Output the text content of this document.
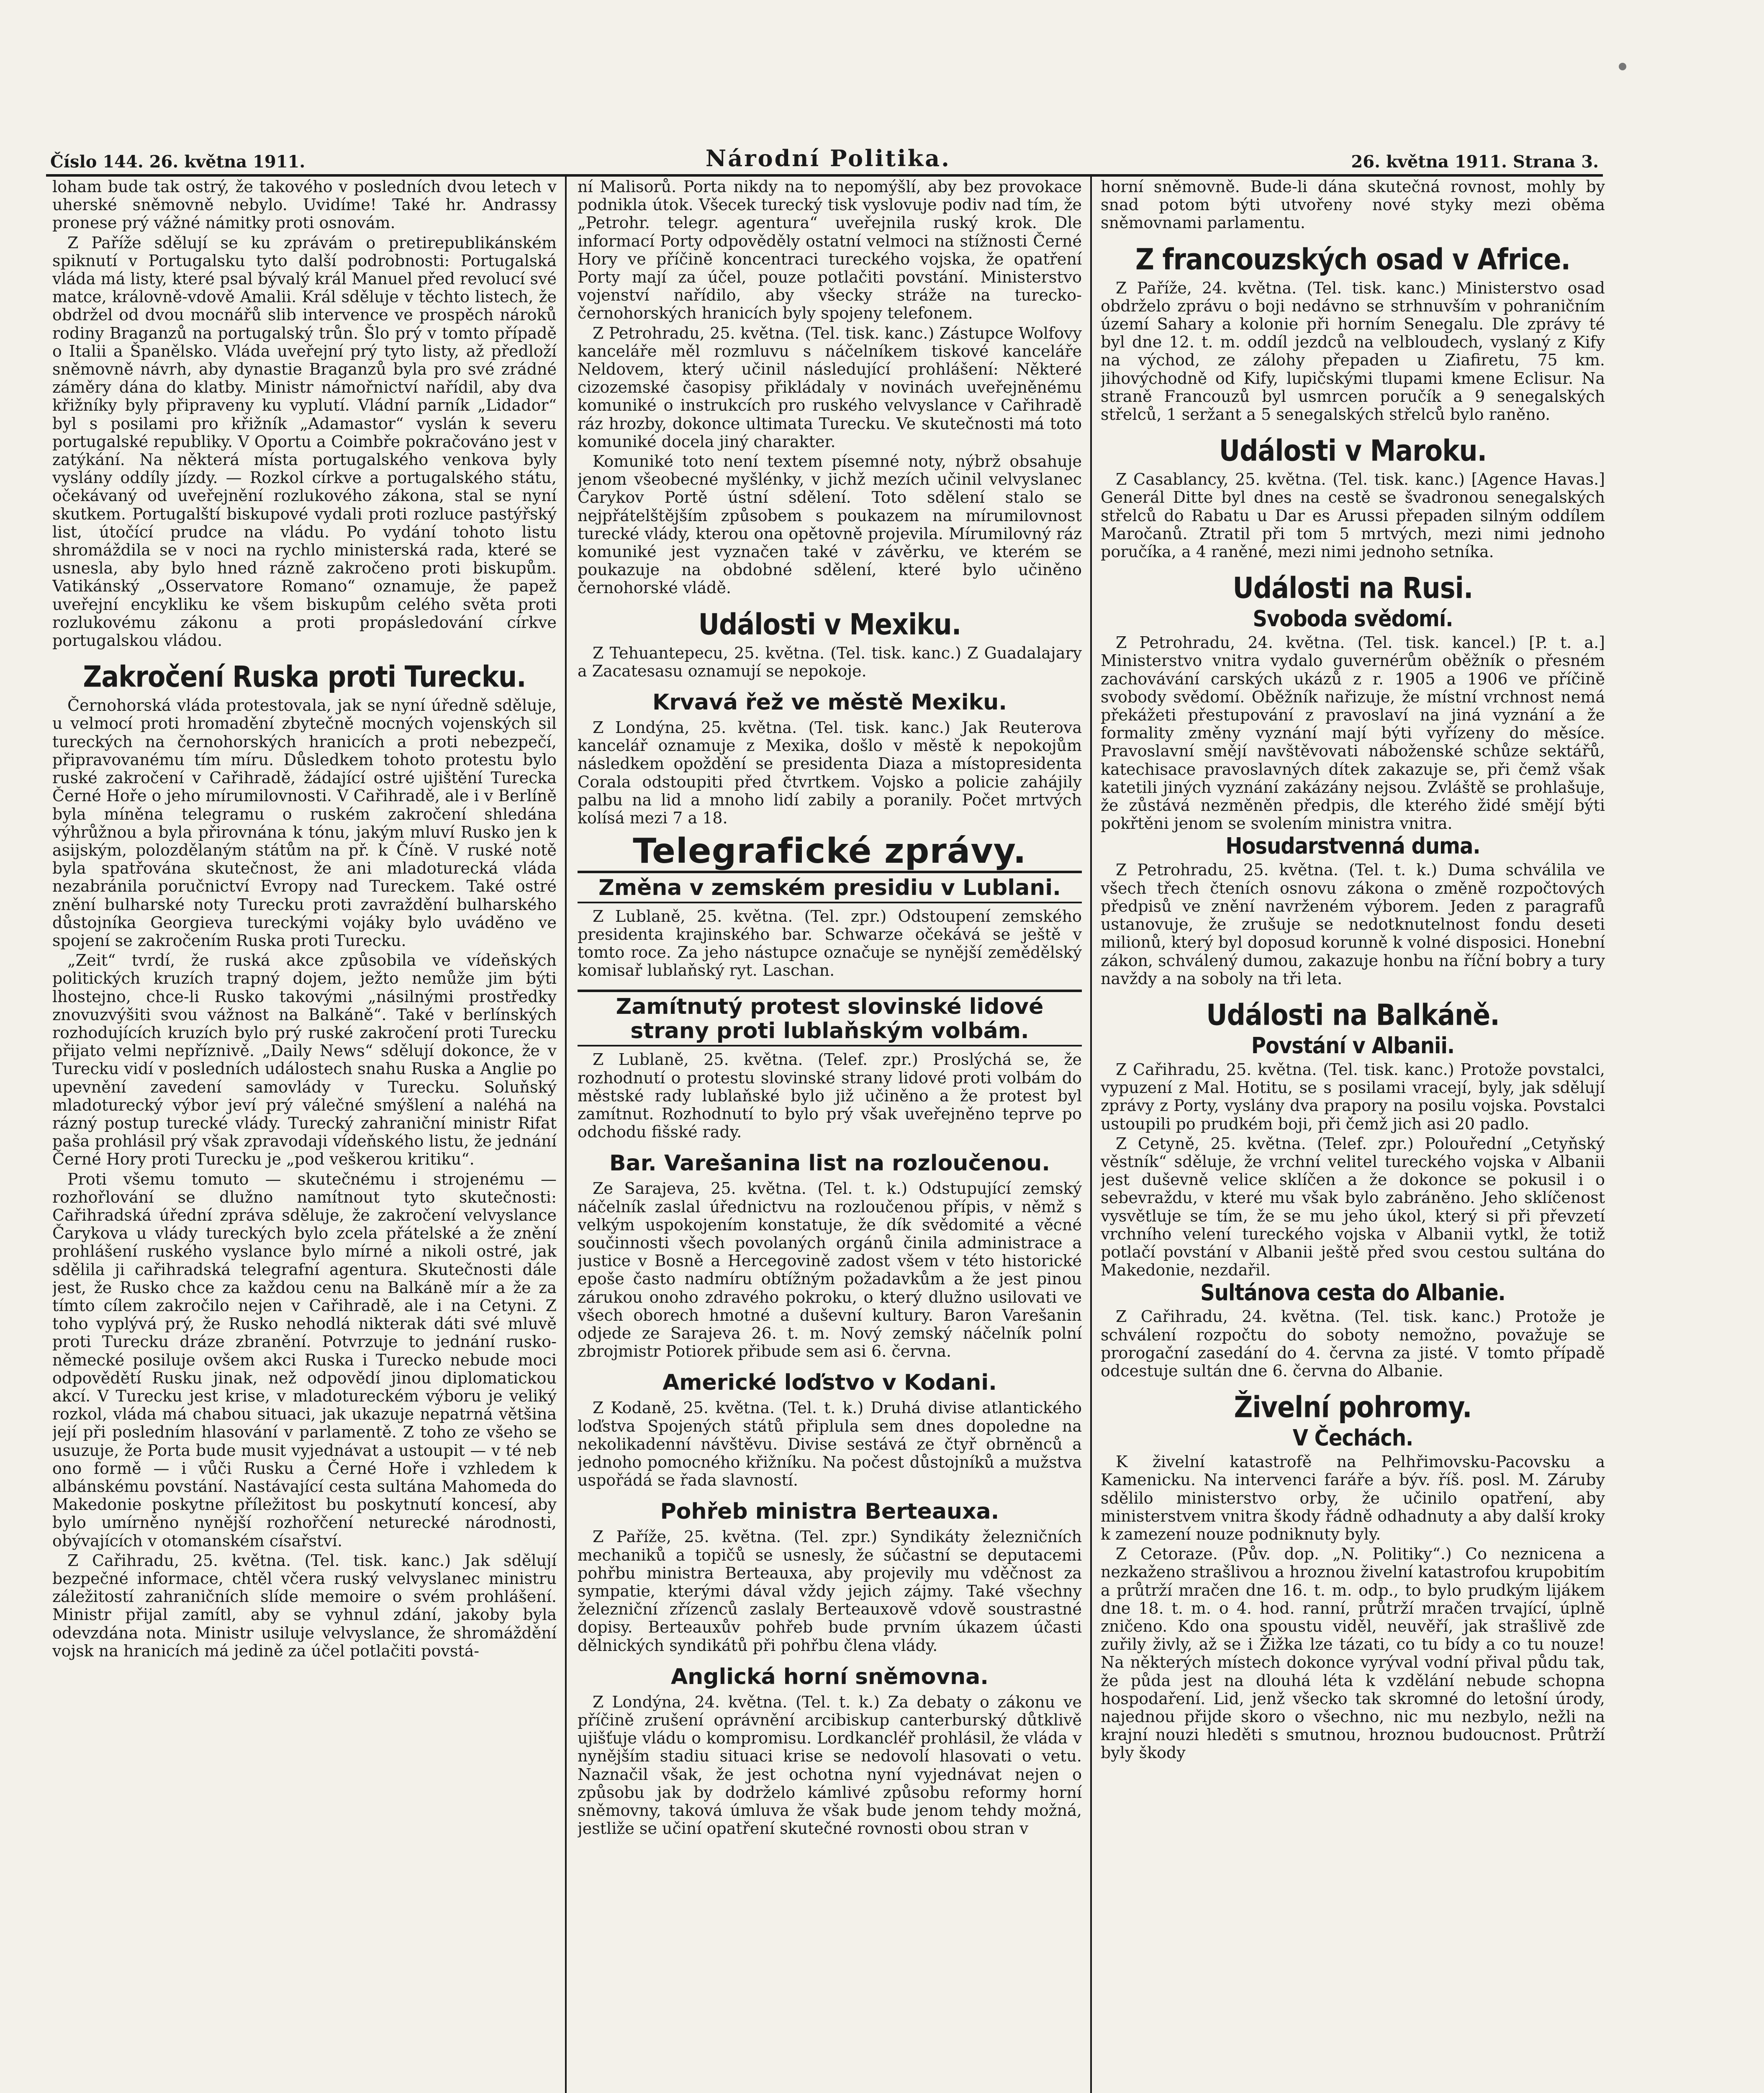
Číslo 144. 26. května 1911.	Národní Politika.	26. května 1911. Strana 3.

loham bude tak ostrý, že takového v posledních dvou letech v uherské sněmovně nebylo. Uvidíme! Také hr. Andrassy pronese prý vážné námitky proti osnovám.

Z Paříže sdělují se ku zprávám o pretirepublikánském spiknutí v Portugalsku tyto další podrobnosti: Portugalská vláda má listy, které psal bývalý král Manuel před revolucí své matce, královně-vdově Amalii. Král sděluje v těchto listech, že obdržel od dvou mocnářů slib intervence ve prospěch nároků rodiny Braganzů na portugalský trůn. Šlo prý v tomto případě o Italii a Španělsko. Vláda uveřejní prý tyto listy, až předloží sněmovně návrh, aby dynastie Braganzů byla pro své zrádné záměry dána do klatby. Ministr námořnictví nařídil, aby dva křižníky byly připraveny ku vyplutí. Vládní parník „Lidador“ byl s posilami pro křižník „Adamastor“ vyslán k severu portugalské republiky. V Oportu a Coimbře pokračováno jest v zatýkání. Na některá místa portugalského venkova byly vyslány oddíly jízdy. — Rozkol církve a portugalského státu, očekávaný od uveřejnění rozlukového zákona, stal se nyní skutkem. Portugalští biskupové vydali proti rozluce pastýřský list, útočící prudce na vládu. Po vydání tohoto listu shromáždila se v noci na rychlo ministerská rada, které se usnesla, aby bylo hned rázně zakročeno proti biskupům. Vatikánský „Osservatore Romano“ oznamuje, že papež uveřejní encykliku ke všem biskupům celého světa proti rozlukovému zákonu a proti propásledování církve portugalskou vládou.

Zakročení Ruska proti Turecku.

Černohorská vláda protestovala, jak se nyní úředně sděluje, u velmocí proti hromadění zbytečně mocných vojenských sil tureckých na černohorských hranicích a proti nebezpečí, připravovanému tím míru. Důsledkem tohoto protestu bylo ruské zakročení v Cařihradě, žádající ostré ujištění Turecka Černé Hoře o jeho mírumilovnosti. V Cařihradě, ale i v Berlíně byla míněna telegramu o ruském zakročení shledána výhrůžnou a byla přirovnána k tónu, jakým mluví Rusko jen k asijským, polozdělaným státům na př. k Číně. V ruské notě byla spatřována skutečnost, že ani mladoturecká vláda nezabránila poručnictví Evropy nad Tureckem. Také ostré znění bulharské noty Turecku proti zavraždění bulharského důstojníka Georgieva tureckými vojáky bylo uváděno ve spojení se zakročením Ruska proti Turecku.

„Zeit“ tvrdí, že ruská akce způsobila ve vídeňských politických kruzích trapný dojem, ježto nemůže jim býti lhostejno, chce-li Rusko takovými „násilnými prostředky znovuzvýšiti svou vážnost na Balkáně“. Také v berlínských rozhodujících kruzích bylo prý ruské zakročení proti Turecku přijato velmi nepříznivě. „Daily News“ sdělují dokonce, že v Turecku vidí v posledních událostech snahu Ruska a Anglie po upevnění zavedení samovlády v Turecku. Soluňský mladoturecký výbor jeví prý válečné smýšlení a naléhá na rázný postup turecké vlády. Turecký zahraniční ministr Rifat paša prohlásil prý však zpravodaji vídeňského listu, že jednání Černé Hory proti Turecku je „pod veškerou kritiku“.

Proti všemu tomuto — skutečnému i strojenému — rozhořlování se dlužno namítnout tyto skutečnosti: Cařihradská úřední zpráva sděluje, že zakročení velvyslance Čarykova u vlády tureckých bylo zcela přátelské a že znění prohlášení ruského vyslance bylo mírné a nikoli ostré, jak sdělila ji cařihradská telegrafní agentura. Skutečnosti dále jest, že Rusko chce za každou cenu na Balkáně mír a že za tímto cílem zakročilo nejen v Cařihradě, ale i na Cetyni. Z toho vyplývá prý, že Rusko nehodlá nikterak dáti své mluvě proti Turecku dráze zbranění. Potvrzuje to jednání rusko-německé posiluje ovšem akci Ruska i Turecko nebude moci odpovědětí Rusku jinak, než odpovědí jinou diplomatickou akcí. V Turecku jest krise, v mladotureckém výboru je veliký rozkol, vláda má chabou situaci, jak ukazuje nepatrná většina její při posledním hlasování v parlamentě. Z toho ze všeho se usuzuje, že Porta bude musit vyjednávat a ustoupit — v té neb ono formě — i vůči Rusku a Černé Hoře i vzhledem k albánskému povstání. Nastávající cesta sultána Mahomeda do Makedonie poskytne příležitost bu poskytnutí koncesí, aby bylo umírněno nynější rozhořčení neturecké národnosti, obývajících v otomanském císařství.

Z Cařihradu, 25. května. (Tel. tisk. kanc.) Jak sdělují bezpečné informace, chtěl včera ruský velvyslanec ministru záležitostí zahraničních slíde memoire o svém prohlášení. Ministr přijal zamítl, aby se vyhnul zdání, jakoby byla odevzdána nota. Ministr usiluje velvyslance, že shromáždění vojsk na hranicích má jedině za účel potlačiti povstá-

ní Malisorů. Porta nikdy na to nepomýšlí, aby bez provokace podnikla útok. Všecek turecký tisk vyslovuje podiv nad tím, že „Petrohr. telegr. agentura“ uveřejnila ruský krok. Dle informací Porty odpověděly ostatní velmoci na stížnosti Černé Hory ve příčině koncentraci tureckého vojska, že opatření Porty mají za účel, pouze potlačiti povstání. Ministerstvo vojenství nařídilo, aby všecky stráže na turecko-černohorských hranicích byly spojeny telefonem.

Z Petrohradu, 25. května. (Tel. tisk. kanc.) Zástupce Wolfovy kanceláře měl rozmluvu s náčelníkem tiskové kanceláře Neldovem, který učinil následující prohlášení: Některé cizozemské časopisy přikládaly v novinách uveřejněnému komuniké o instrukcích pro ruského velvyslance v Cařihradě ráz hrozby, dokonce ultimata Turecku. Ve skutečnosti má toto komuniké docela jiný charakter.

Komuniké toto není textem písemné noty, nýbrž obsahuje jenom všeobecné myšlénky, v jichž mezích učinil velvyslanec Čarykov Portě ústní sdělení. Toto sdělení stalo se nejpřátelštějším způsobem s poukazem na mírumilovnost turecké vlády, kterou ona opětovně projevila. Mírumilovný ráz komuniké jest vyznačen také v závěrku, ve kterém se poukazuje na obdobné sdělení, které bylo učiněno černohorské vládě.

Události v Mexiku.

Z Tehuantepecu, 25. května. (Tel. tisk. kanc.) Z Guadalajary a Zacatesasu oznamují se nepokoje.

Krvavá řež ve městě Mexiku.

Z Londýna, 25. května. (Tel. tisk. kanc.) Jak Reuterova kancelář oznamuje z Mexika, došlo v městě k nepokojům následkem opoždění se presidenta Diaza a místopresidenta Corala odstoupiti před čtvrtkem. Vojsko a policie zahájily palbu na lid a mnoho lidí zabily a poranily. Počet mrtvých kolísá mezi 7 a 18.

Telegrafické zprávy.
Změna v zemském presidiu v Lublani.

Z Lublaně, 25. května. (Tel. zpr.) Odstoupení zemského presidenta krajinského bar. Schwarze očekává se ještě v tomto roce. Za jeho nástupce označuje se nynější zemědělský komisař lublaňský ryt. Laschan.

Zamítnutý protest slovinské lidové strany proti lublaňským volbám.

Z Lublaně, 25. května. (Telef. zpr.) Proslýchá se, že rozhodnutí o protestu slovinské strany lidové proti volbám do městské rady lublaňské bylo již učiněno a že protest byl zamítnut. Rozhodnutí to bylo prý však uveřejněno teprve po odchodu fišské rady.

Bar. Varešanina list na rozloučenou.

Ze Sarajeva, 25. května. (Tel. t. k.) Odstupující zemský náčelník zaslal úřednictvu na rozloučenou přípis, v němž s velkým uspokojením konstatuje, že dík svědomité a věcné součinnosti všech povolaných orgánů činila administrace a justice v Bosně a Hercegovině zadost všem v této historické epoše často nadmíru obtížným požadavkům a že jest pinou zárukou onoho zdravého pokroku, o který dlužno usilovati ve všech oborech hmotné a duševní kultury. Baron Varešanin odjede ze Sarajeva 26. t. m. Nový zemský náčelník polní zbrojmistr Potiorek přibude sem asi 6. června.

Americké loďstvo v Kodani.

Z Kodaně, 25. května. (Tel. t. k.) Druhá divise atlantického loďstva Spojených států připlula sem dnes dopoledne na nekolikadenní návštěvu. Divise sestává ze čtyř obrněnců a jednoho pomocného křižníku. Na počest důstojníků a mužstva uspořádá se řada slavností.

Pohřeb ministra Berteauxa.

Z Paříže, 25. května. (Tel. zpr.) Syndikáty železničních mechaniků a topičů se usnesly, že súčastní se deputacemi pohřbu ministra Berteauxa, aby projevily mu vděčnost za sympatie, kterými dával vždy jejich zájmy. Také všechny železniční zřízenců zaslaly Berteauxově vdově soustrastné dopisy. Berteauxův pohřeb bude prvním úkazem účasti dělnických syndikátů při pohřbu člena vlády.

Anglická horní sněmovna.

Z Londýna, 24. května. (Tel. t. k.) Za debaty o zákonu ve příčině zrušení oprávnění arcibiskup canterburský důtklivě ujišťuje vládu o kompromisu. Lordkancléř prohlásil, že vláda v nynějším stadiu situaci krise se nedovolí hlasovati o vetu. Naznačil však, že jest ochotna nyní vyjednávat nejen o způsobu jak by dodrželo kámlivé způsobu reformy horní sněmovny, taková úmluva že však bude jenom tehdy možná, jestliže se učiní opatření skutečné rovnosti obou stran v

horní sněmovně. Bude-li dána skutečná rovnost, mohly by snad potom býti utvořeny nové styky mezi oběma sněmovnami parlamentu.

Z francouzských osad v Africe.

Z Paříže, 24. května. (Tel. tisk. kanc.) Ministerstvo osad obdrželo zprávu o boji nedávno se strhnuvším v pohraničním území Sahary a kolonie při horním Senegalu. Dle zprávy té byl dne 12. t. m. oddíl jezdců na velbloudech, vyslaný z Kify na východ, ze zálohy přepaden u Ziafiretu, 75 km. jihovýchodně od Kify, lupičskými tlupami kmene Eclisur. Na straně Francouzů byl usmrcen poručík a 9 senegalských střelců, 1 seržant a 5 senegalských střelců bylo raněno.

Události v Maroku.

Z Casablancy, 25. května. (Tel. tisk. kanc.) [Agence Havas.] Generál Ditte byl dnes na cestě se švadronou senegalských střelců do Rabatu u Dar es Arussi přepaden silným oddílem Maročanů. Ztratil při tom 5 mrtvých, mezi nimi jednoho poručíka, a 4 raněné, mezi nimi jednoho setníka.

Události na Rusi.
Svoboda svědomí.

Z Petrohradu, 24. května. (Tel. tisk. kancel.) [P. t. a.] Ministerstvo vnitra vydalo guvernérům oběžník o přesném zachovávání carských ukázů z r. 1905 a 1906 ve příčině svobody svědomí. Oběžník nařizuje, že místní vrchnost nemá překážeti přestupování z pravoslaví na jiná vyznání a že formality změny vyznání mají býti vyřízeny do měsíce. Pravoslavní smějí navštěvovati náboženské schůze sektářů, katechisace pravoslavných dítek zakazuje se, při čemž však katetili jiných vyznání zakázány nejsou. Zvláště se prohlašuje, že zůstává nezměněn předpis, dle kterého židé smějí býti pokřtěni jenom se svolením ministra vnitra.

Hosudarstvenná duma.

Z Petrohradu, 25. května. (Tel. t. k.) Duma schválila ve všech třech čteních osnovu zákona o změně rozpočtových předpisů ve znění navrženém výborem. Jeden z paragrafů ustanovuje, že zrušuje se nedotknutelnost fondu deseti milionů, který byl doposud korunně k volné disposici. Honební zákon, schválený dumou, zakazuje honbu na říční bobry a tury navždy a na soboly na tři leta.

Události na Balkáně.
Povstání v Albanii.

Z Cařihradu, 25. května. (Tel. tisk. kanc.) Protože povstalci, vypuzení z Mal. Hotitu, se s posilami vracejí, byly, jak sdělují zprávy z Porty, vyslány dva prapory na posilu vojska. Povstalci ustoupili po prudkém boji, při čemž jich asi 20 padlo.

Z Cetyně, 25. května. (Telef. zpr.) Polouřední „Cetyňský věstník“ sděluje, že vrchní velitel tureckého vojska v Albanii jest duševně velice sklíčen a že dokonce se pokusil i o sebevraždu, v které mu však bylo zabráněno. Jeho sklíčenost vysvětluje se tím, že se mu jeho úkol, který si při převzetí vrchního velení tureckého vojska v Albanii vytkl, že totiž potlačí povstání v Albanii ještě před svou cestou sultána do Makedonie, nezdařil.

Sultánova cesta do Albanie.

Z Cařihradu, 24. května. (Tel. tisk. kanc.) Protože je schválení rozpočtu do soboty nemožno, považuje se prorogační zasedání do 4. června za jisté. V tomto případě odcestuje sultán dne 6. června do Albanie.

Živelní pohromy.
V Čechách.

K živelní katastrofě na Pelhřimovsku-Pacovsku a Kamenicku. Na intervenci faráře a býv. říš. posl. M. Záruby sdělilo ministerstvo orby, že učinilo opatření, aby ministerstvem vnitra škody řádně odhadnuty a aby další kroky k zamezení nouze podniknuty byly.

Z Cetoraze. (Pův. dop. „N. Politiky“.) Co neznicena a nezkaženo strašlivou a hroznou živelní katastrofou krupobitím a průtrží mračen dne 16. t. m. odp., to bylo prudkým lijákem dne 18. t. m. o 4. hod. ranní, průtrží mračen trvající, úplně zničeno. Kdo ona spoustu viděl, neuvěří, jak strašlivě zde zuřily živly, až se i Žižka lze tázati, co tu bídy a co tu nouze! Na některých místech dokonce vyrýval vodní přival půdu tak, že půda jest na dlouhá léta k vzdělání nebude schopna hospodaření. Lid, jenž všecko tak skromné do letošní úrody, najednou přijde skoro o všechno, nic mu nezbylo, nežli na krajní nouzi hleděti s smutnou, hroznou budoucnost. Průtrží byly škody
